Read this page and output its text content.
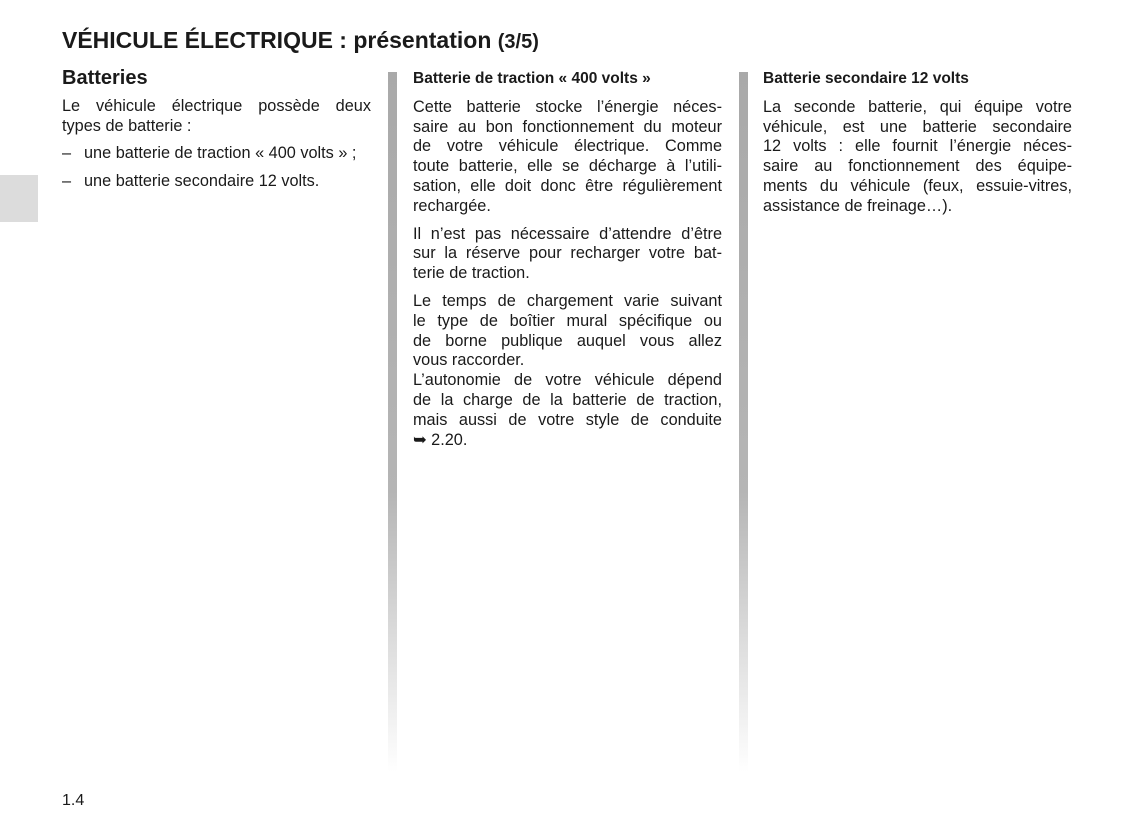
VÉHICULE ÉLECTRIQUE : présentation (3/5)
Batteries
Le véhicule électrique possède deux
types de batterie :
– une batterie de traction « 400 volts » ;
– une batterie secondaire 12 volts.
Batterie de traction « 400 volts »
Cette batterie stocke l’énergie néces-
saire au bon fonctionnement du moteur
de votre véhicule électrique. Comme
toute batterie, elle se décharge à l’utili-
sation, elle doit donc être régulièrement
rechargée.
Il n’est pas nécessaire d’attendre d’être
sur la réserve pour recharger votre bat-
terie de traction.
Le temps de chargement varie suivant
le type de boîtier mural spécifique ou
de borne publique auquel vous allez
vous raccorder.
L’autonomie de votre véhicule dépend
de la charge de la batterie de traction,
mais aussi de votre style de conduite
➥ 2.20.
Batterie secondaire 12 volts
La seconde batterie, qui équipe votre
véhicule, est une batterie secondaire
12 volts : elle fournit l’énergie néces-
saire au fonctionnement des équipe-
ments du véhicule (feux, essuie-vitres,
assistance de freinage…).
1.4
